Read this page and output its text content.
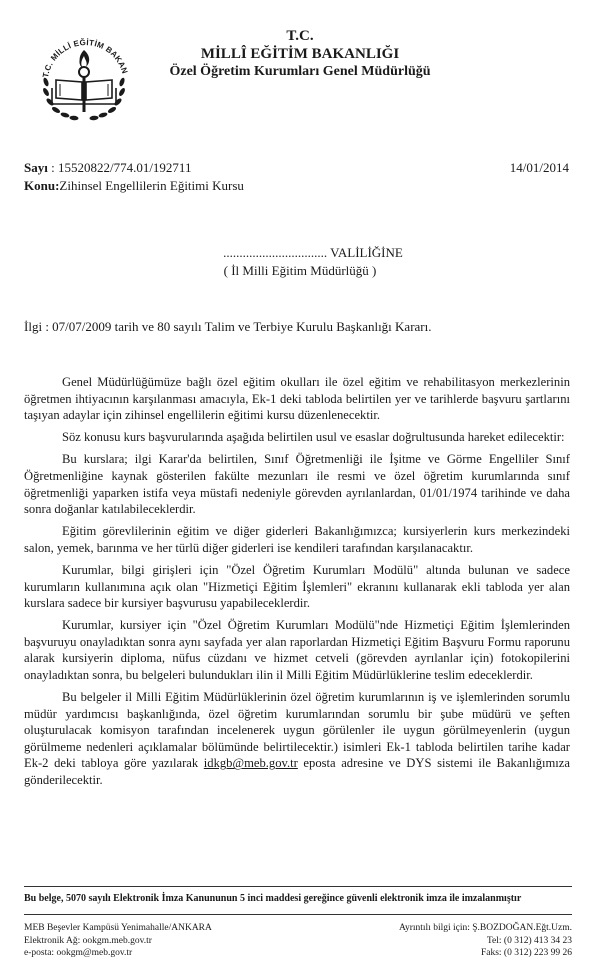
T.C. MİLLİ EĞİTİM BAKAN
T.C.
MİLLÎ EĞİTİM BAKANLIĞI
Özel Öğretim Kurumları Genel Müdürlüğü
Sayı : 15520822/774.01/192711	14/01/2014
Konu:Zihinsel Engellilerin Eğitimi Kursu
................................ VALİLİĞİNE
( İl Milli Eğitim Müdürlüğü )
İlgi : 07/07/2009 tarih ve 80 sayılı Talim ve Terbiye Kurulu Başkanlığı Kararı.

Genel Müdürlüğümüze bağlı özel eğitim okulları ile özel eğitim ve rehabilitasyon merkezlerinin öğretmen ihtiyacının karşılanması amacıyla, Ek-1 deki tabloda belirtilen yer ve tarihlerde başvuru şartlarını taşıyan adaylar için zihinsel engellilerin eğitimi kursu düzenlenecektir.

Söz konusu kurs başvurularında aşağıda belirtilen usul ve esaslar doğrultusunda hareket edilecektir:

Bu kurslara; ilgi Karar'da belirtilen, Sınıf Öğretmenliği ile İşitme ve Görme Engelliler Sınıf Öğretmenliğine kaynak gösterilen fakülte mezunları ile resmi ve özel öğretim kurumlarında sınıf öğretmenliği yaparken istifa veya müstafi nedeniyle görevden ayrılanlardan, 01/01/1974 tarihinde ve daha sonra doğanlar katılabileceklerdir.

Eğitim görevlilerinin eğitim ve diğer giderleri Bakanlığımızca; kursiyerlerin kurs merkezindeki salon, yemek, barınma ve her türlü diğer giderleri ise kendileri tarafından karşılanacaktır.

Kurumlar, bilgi girişleri için "Özel Öğretim Kurumları Modülü" altında bulunan ve sadece kurumların kullanımına açık olan "Hizmetiçi Eğitim İşlemleri" ekranını kullanarak ekli tabloda yer alan kurslara sadece bir kursiyer başvurusu yapabileceklerdir.

Kurumlar, kursiyer için "Özel Öğretim Kurumları Modülü"nde Hizmetiçi Eğitim İşlemlerinden başvuruyu onayladıktan sonra aynı sayfada yer alan raporlardan Hizmetiçi Eğitim Başvuru Formu raporunu alarak kursiyerin diploma, nüfus cüzdanı ve hizmet cetveli (görevden ayrılanlar için) fotokopilerini onayladıktan sonra, bu belgeleri bulundukları ilin il Milli Eğitim Müdürlüklerine teslim edeceklerdir.

Bu belgeler il Milli Eğitim Müdürlüklerinin özel öğretim kurumlarının iş ve işlemlerinden sorumlu müdür yardımcısı başkanlığında, özel öğretim kurumlarından sorumlu bir şube müdürü ve şeften oluşturulacak komisyon tarafından incelenerek uygun görülenler ile uygun görülmeyenlerin (uygun görülmeme nedenleri açıklamalar bölümünde belirtilecektir.) isimleri Ek-1 tabloda belirtilen tarihe kadar Ek-2 deki tabloya göre yazılarak idkgb@meb.gov.tr eposta adresine ve DYS sistemi ile Bakanlığımıza gönderilecektir.

Bu belge, 5070 sayılı Elektronik İmza Kanununun 5 inci maddesi gereğince güvenli elektronik imza ile imzalanmıştır
MEB Beşevler Kampüsü Yenimahalle/ANKARA
Elektronik Ağ: ookgm.meb.gov.tr
e-posta: ookgm@meb.gov.tr
Ayrıntılı bilgi için: Ş.BOZDOĞAN.Eğt.Uzm.
Tel: (0 312) 413 34 23
Faks: (0 312) 223 99 26
